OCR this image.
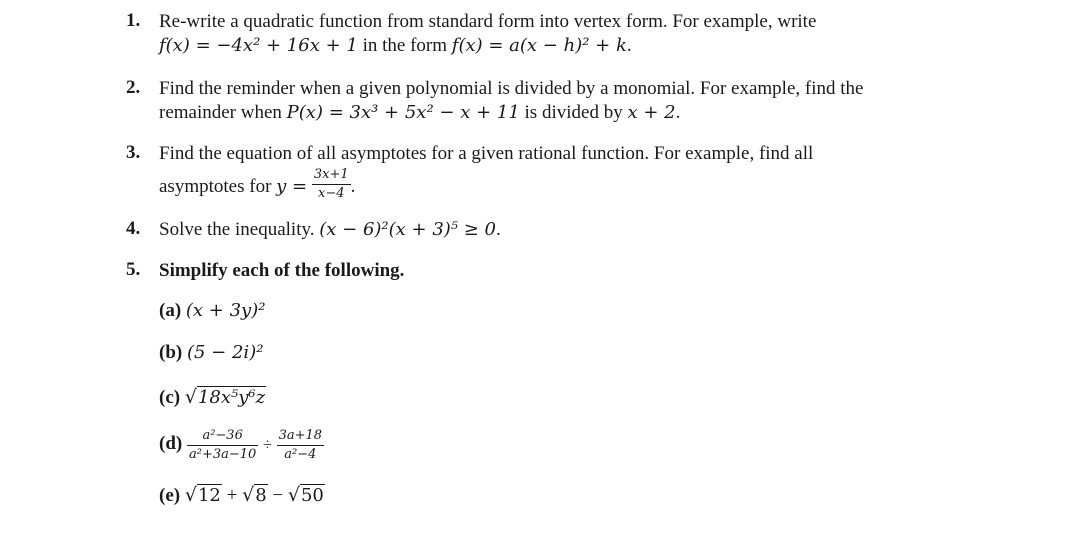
1. Re-write a quadratic function from standard form into vertex form. For example, write
f(x) = −4x² + 16x + 1 in the form f(x) = a(x − h)² + k.
2. Find the reminder when a given polynomial is divided by a monomial. For example, find the
remainder when P(x) = 3x³ + 5x² − x + 11 is divided by x + 2.
3. Find the equation of all asymptotes for a given rational function. For example, find all
asymptotes for $y = \frac{3x+1}{x-4}$ .
4. Solve the inequality. (x − 6)²(x + 3)⁵ ≥ 0.
5. Simplify each of the following.
(a) (x + 3y)²
(b) (5 − 2i)²
(c) √18x⁵y⁶z
$(d) \frac{\text{a²−36}}{\text{a²+3a−10}} \div \frac{3a+18}{\text{a²−4}}$
(e) √12 + √8 − √50
